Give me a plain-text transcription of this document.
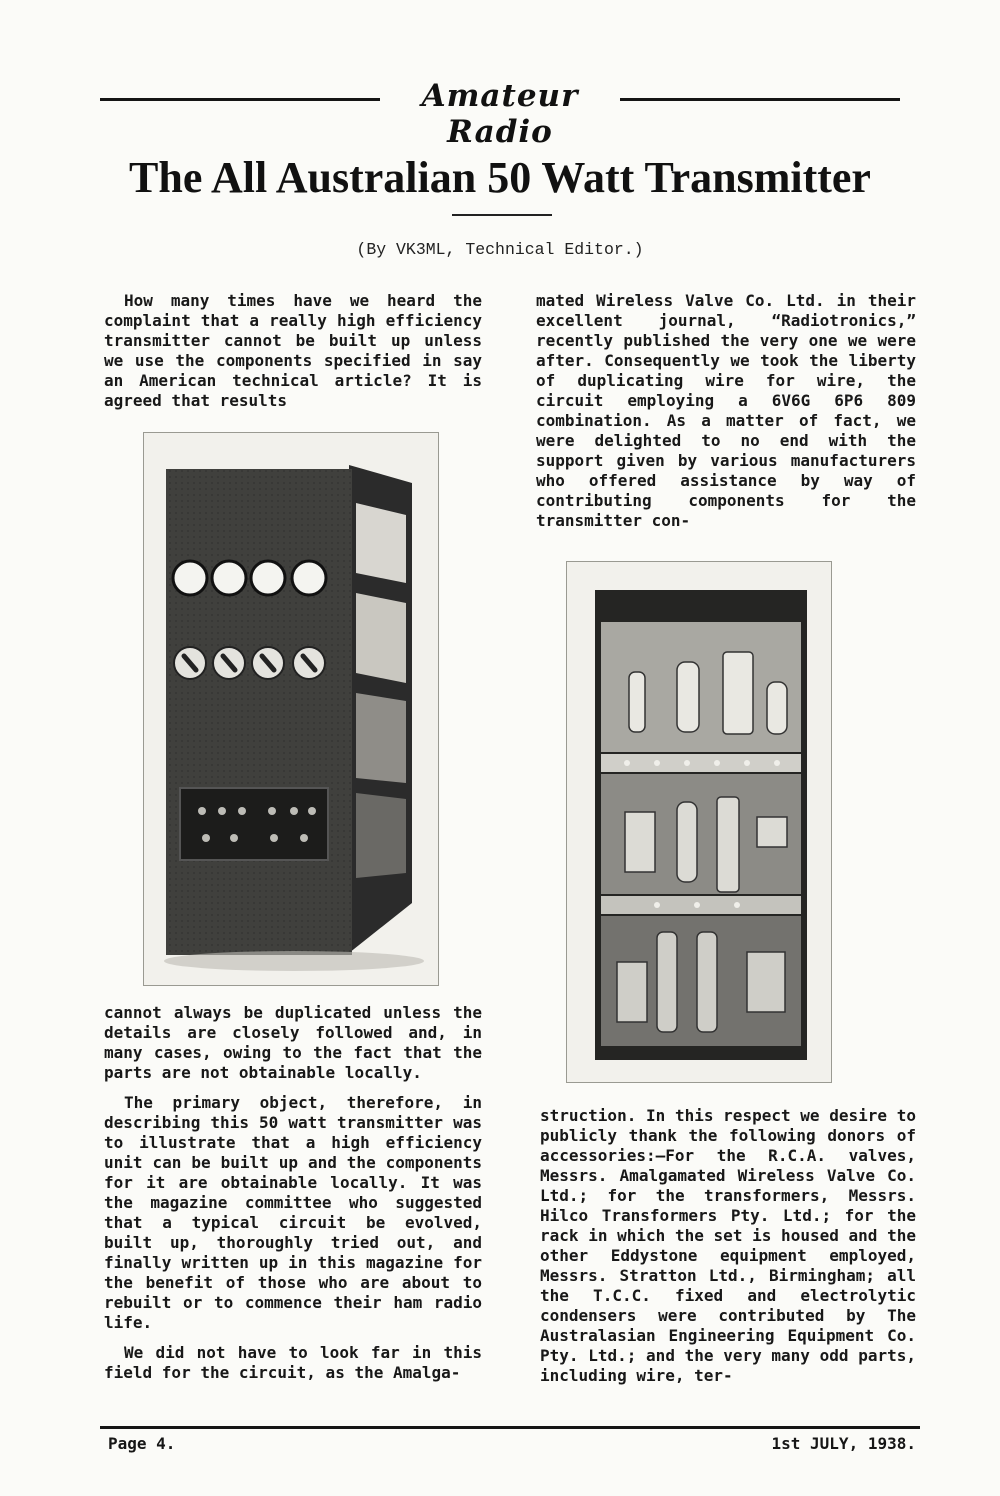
Amateur Radio
The All Australian 50 Watt Transmitter
(By VK3ML, Technical Editor.)

How many times have we heard the complaint that a really high efficiency transmitter cannot be built up unless we use the components specified in say an American technical article? It is agreed that results

cannot always be duplicated unless the details are closely followed and, in many cases, owing to the fact that the parts are not obtainable locally.

The primary object, therefore, in describing this 50 watt transmitter was to illustrate that a high efficiency unit can be built up and the components for it are obtainable locally. It was the magazine committee who suggested that a typical circuit be evolved, built up, thoroughly tried out, and finally written up in this magazine for the benefit of those who are about to rebuilt or to commence their ham radio life.

We did not have to look far in this field for the circuit, as the Amalga-

mated Wireless Valve Co. Ltd. in their excellent journal, “Radiotronics,” recently published the very one we were after. Consequently we took the liberty of duplicating wire for wire, the circuit employing a 6V6G 6P6 809 combination. As a matter of fact, we were delighted to no end with the support given by various manufacturers who offered assistance by way of contributing components for the transmitter con-

struction. In this respect we desire to publicly thank the following donors of accessories:—For the R.C.A. valves, Messrs. Amalgamated Wireless Valve Co. Ltd.; for the transformers, Messrs. Hilco Transformers Pty. Ltd.; for the rack in which the set is housed and the other Eddystone equipment employed, Messrs. Stratton Ltd., Birmingham; all the T.C.C. fixed and electrolytic condensers were contributed by The Australasian Engineering Equipment Co. Pty. Ltd.; and the very many odd parts, including wire, ter-

Page 4.	1st JULY, 1938.
